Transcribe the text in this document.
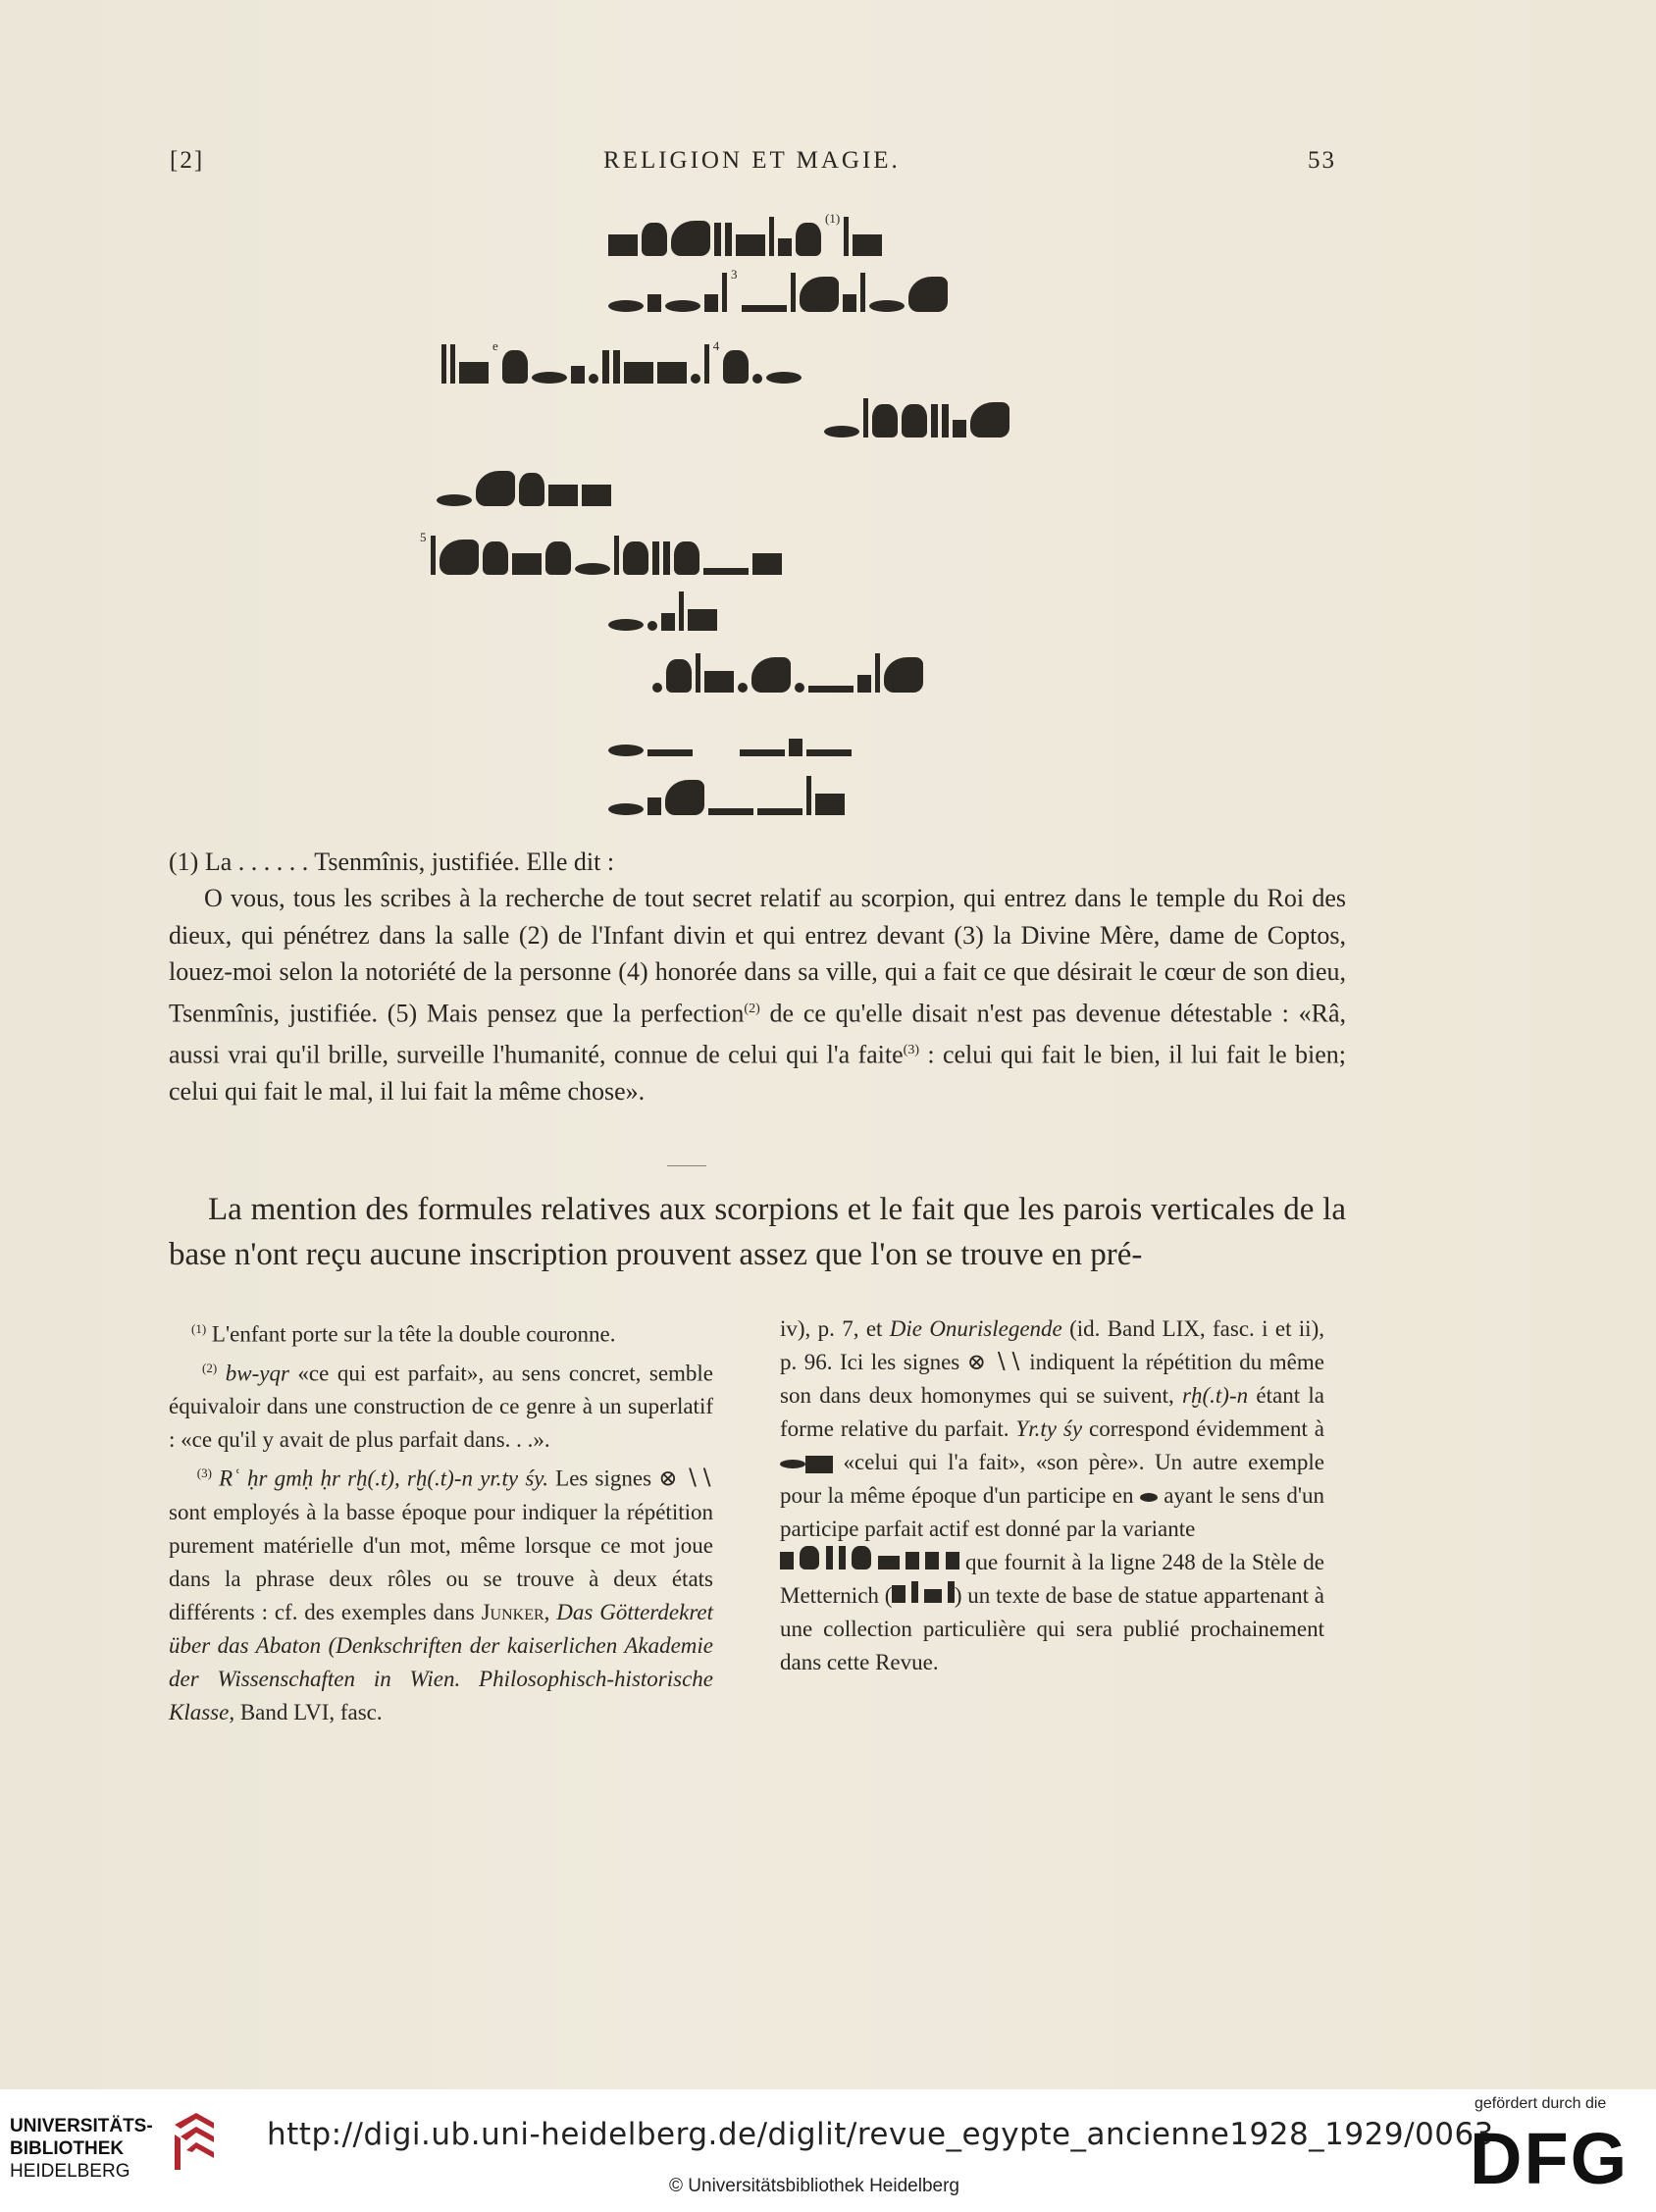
[2]	RELIGION ET MAGIE.	53
(1)
3
e	4
5

(1) La . . . . . . Tsenmînis, justifiée. Elle dit :

O vous, tous les scribes à la recherche de tout secret relatif au scorpion, qui entrez dans le temple du Roi des dieux, qui pénétrez dans la salle (2) de l'Infant divin et qui entrez devant (3) la Divine Mère, dame de Coptos, louez-moi selon la notoriété de la personne (4) honorée dans sa ville, qui a fait ce que désirait le cœur de son dieu, Tsenmînis, justifiée. (5) Mais pensez que la perfection$^{(2)}$ de ce qu'elle disait n'est pas devenue détestable : «Râ, aussi vrai qu'il brille, surveille l'humanité, connue de celui qui l'a faite$^{(3)}$ : celui qui fait le bien, il lui fait le bien; celui qui fait le mal, il lui fait la même chose».

La mention des formules relatives aux scorpions et le fait que les parois verticales de la base n'ont reçu aucune inscription prouvent assez que l'on se trouve en pré-

$^{(1)}$ L'enfant porte sur la tête la double couronne.

$^{(2)}$ bw-yqr «ce qui est parfait», au sens concret, semble équivaloir dans une construction de ce genre à un superlatif : «ce qu'il y avait de plus parfait dans. . .».

$^{(3)}$ Rʿ ḥr gmḥ ḥr rḫ(.t), rḫ(.t)-n yr.ty śy. Les signes ⊗ ∖∖ sont employés à la basse époque pour indiquer la répétition purement matérielle d'un mot, même lorsque ce mot joue dans la phrase deux rôles ou se trouve à deux états différents : cf. des exemples dans Junker, Das Götterdekret über das Abaton (Denkschriften der kaiserlichen Akademie der Wissenschaften in Wien. Philosophisch-historische Klasse, Band LVI, fasc.

iv), p. 7, et Die Onurislegende (id. Band LIX, fasc. i et ii), p. 96. Ici les signes ⊗ ∖∖ indiquent la répétition du même son dans deux homonymes qui se suivent, rḫ(.t)-n étant la forme relative du parfait. Yr.ty śy correspond évidemment à  «celui qui l'a fait», «son père». Un autre exemple pour la même époque d'un participe en  ayant le sens d'un participe parfait actif est donné par la variante
que fournit à la ligne 248 de la Stèle de Metternich (	) un texte de base de statue appartenant à une collection particulière qui sera publié prochainement dans cette Revue.

UNIVERSITÄTS-
BIBLIOTHEK
HEIDELBERG
http://digi.ub.uni-heidelberg.de/diglit/revue_egypte_ancienne1928_1929/0063
© Universitätsbibliothek Heidelberg
gefördert durch die
DFG
